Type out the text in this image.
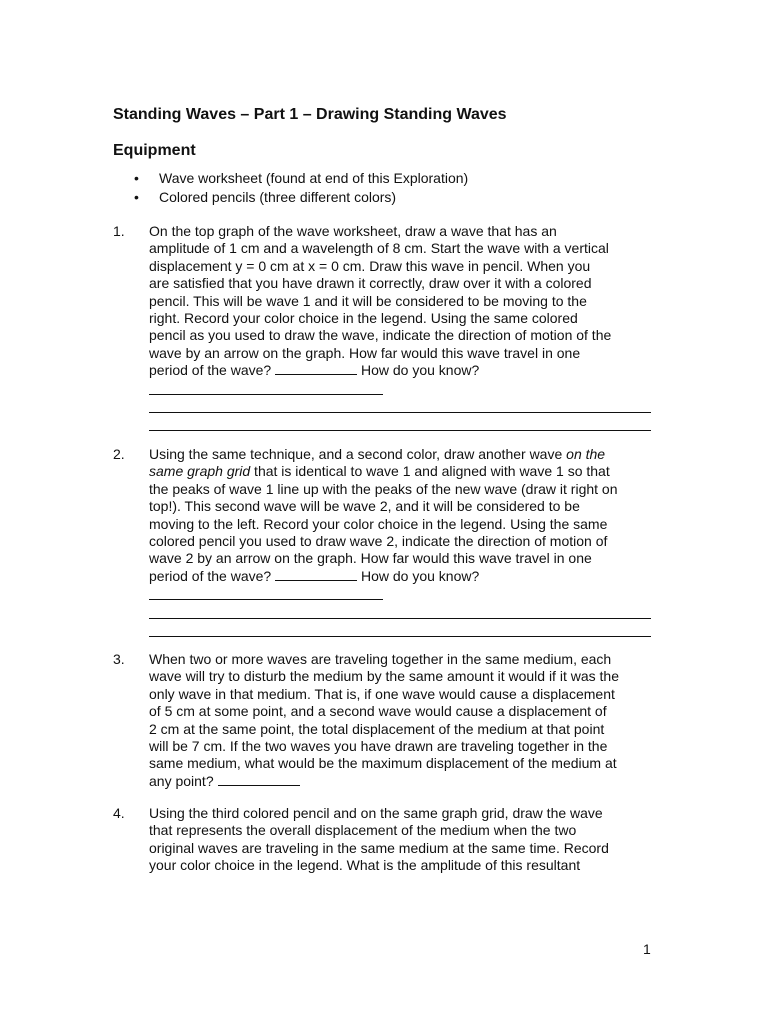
Standing Waves – Part 1 – Drawing Standing Waves
Equipment
• Wave worksheet (found at end of this Exploration)
• Colored pencils (three different colors)
1. On the top graph of the wave worksheet, draw a wave that has an
amplitude of 1 cm and a wavelength of 8 cm. Start the wave with a vertical
displacement y = 0 cm at x = 0 cm. Draw this wave in pencil. When you
are satisfied that you have drawn it correctly, draw over it with a colored
pencil. This will be wave 1 and it will be considered to be moving to the
right. Record your color choice in the legend. Using the same colored
pencil as you used to draw the wave, indicate the direction of motion of the
wave by an arrow on the graph. How far would this wave travel in one
period of the wave?	How do you know?
2. Using the same technique, and a second color, draw another wave on the
same graph grid that is identical to wave 1 and aligned with wave 1 so that
the peaks of wave 1 line up with the peaks of the new wave (draw it right on
top!). This second wave will be wave 2, and it will be considered to be
moving to the left. Record your color choice in the legend. Using the same
colored pencil you used to draw wave 2, indicate the direction of motion of
wave 2 by an arrow on the graph. How far would this wave travel in one
period of the wave?	How do you know?
3. When two or more waves are traveling together in the same medium, each
wave will try to disturb the medium by the same amount it would if it was the
only wave in that medium. That is, if one wave would cause a displacement
of 5 cm at some point, and a second wave would cause a displacement of
2 cm at the same point, the total displacement of the medium at that point
will be 7 cm. If the two waves you have drawn are traveling together in the
same medium, what would be the maximum displacement of the medium at
any point?
4. Using the third colored pencil and on the same graph grid, draw the wave
that represents the overall displacement of the medium when the two
original waves are traveling in the same medium at the same time. Record
your color choice in the legend. What is the amplitude of this resultant
1
